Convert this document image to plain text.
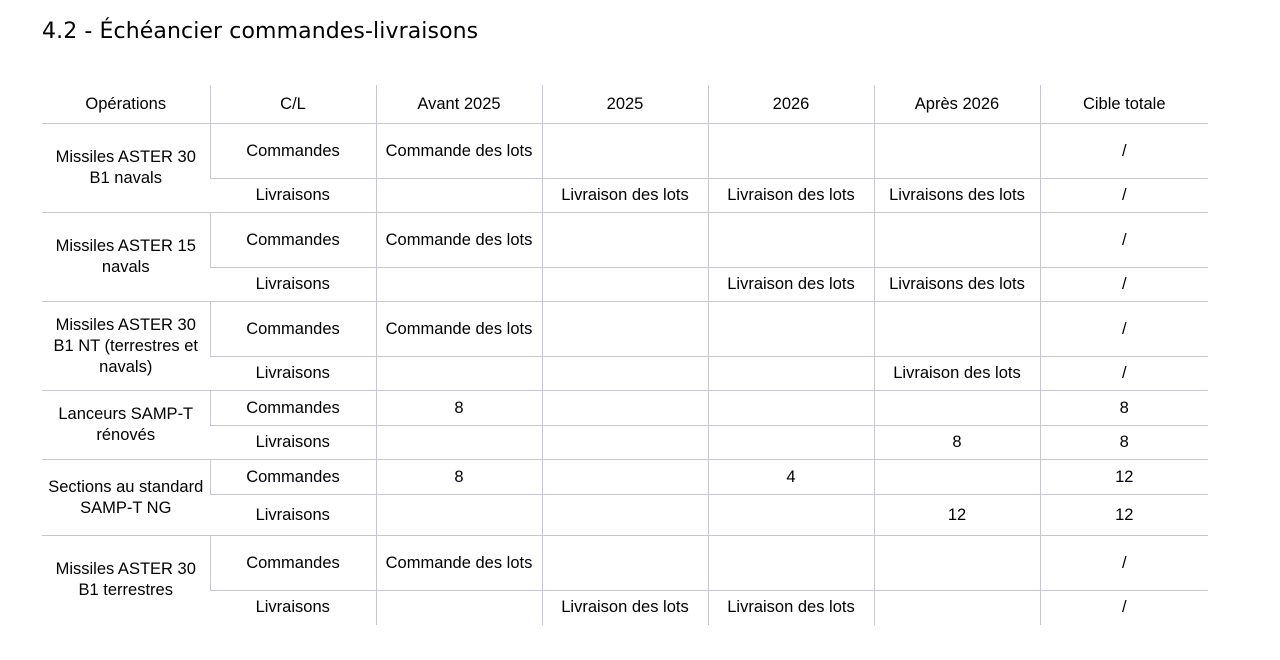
4.2 - Échéancier commandes-livraisons
Opérations	C/L	Avant 2025	2025	2026	Après 2026	Cible totale
Missiles ASTER 30 B1 navals	Commandes	Commande des lots				/
	Livraisons		Livraison des lots	Livraison des lots	Livraisons des lots	/
Missiles ASTER 15 navals	Commandes	Commande des lots				/
	Livraisons			Livraison des lots	Livraisons des lots	/
Missiles ASTER 30 B1 NT (terrestres et navals)	Commandes	Commande des lots				/
	Livraisons				Livraison des lots	/
Lanceurs SAMP-T rénovés	Commandes	8				8
	Livraisons				8	8
Sections au standard SAMP-T NG	Commandes	8		4		12
	Livraisons				12	12
Missiles ASTER 30 B1 terrestres	Commandes	Commande des lots				/
	Livraisons		Livraison des lots	Livraison des lots		/
